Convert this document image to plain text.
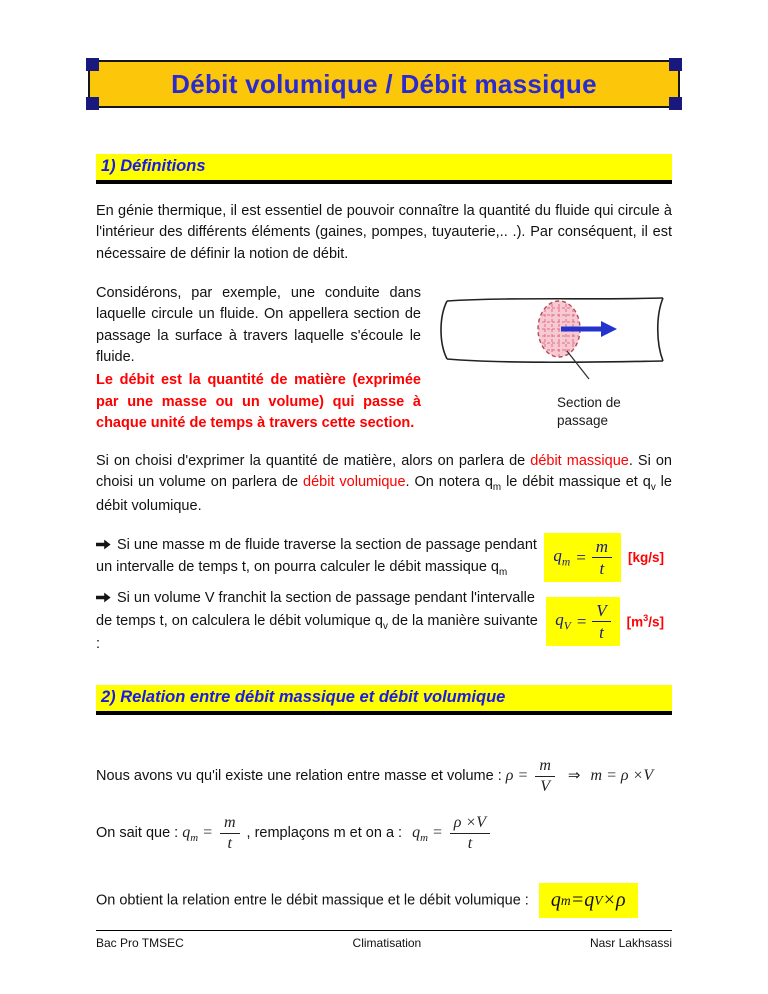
Débit volumique / Débit massique
1) Définitions

En génie thermique, il est essentiel de pouvoir connaître la quantité du fluide qui circule à l'intérieur des différents éléments (gaines, pompes, tuyauterie,.. .). Par conséquent, il est nécessaire de définir la notion de débit.

Considérons, par exemple, une conduite dans laquelle circule un fluide. On appellera section de passage la surface à travers laquelle s'écoule le fluide.

Le débit est la quantité de matière (exprimée par une masse ou un volume) qui passe à chaque unité de temps à travers cette section.

Section de passage

Si on choisi d'exprimer la quantité de matière, alors on parlera de débit massique. Si on choisi un volume on parlera de débit volumique. On notera $q_m$ le débit massique et $q_v$ le débit volumique.

Si une masse m de fluide traverse la section de passage pendant un intervalle de temps t, on pourra calculer le débit massique $q_m$
$q_m = \frac{m}{t} [kg/s]$
Si un volume V franchit la section de passage pendant l'intervalle de temps t, on calculera le débit volumique $q_v$ de la manière suivante :
$q_V = \frac{V}{t} [m^3/s]$
2) Relation entre débit massique et débit volumique

Nous avons vu qu'il existe une relation entre masse et volume : $\rho = \frac{m}{V}$ ⇒ m = ρ ×V

On sait que : $q_m = \frac{m}{t}$ , remplaçons m et on a : $q_m = \frac{\rho \times V}{t}$

On obtient la relation entre le débit massique et le débit volumique : q m = q V × ρ

Bac Pro TMSEC	Climatisation	Nasr Lakhsassi
